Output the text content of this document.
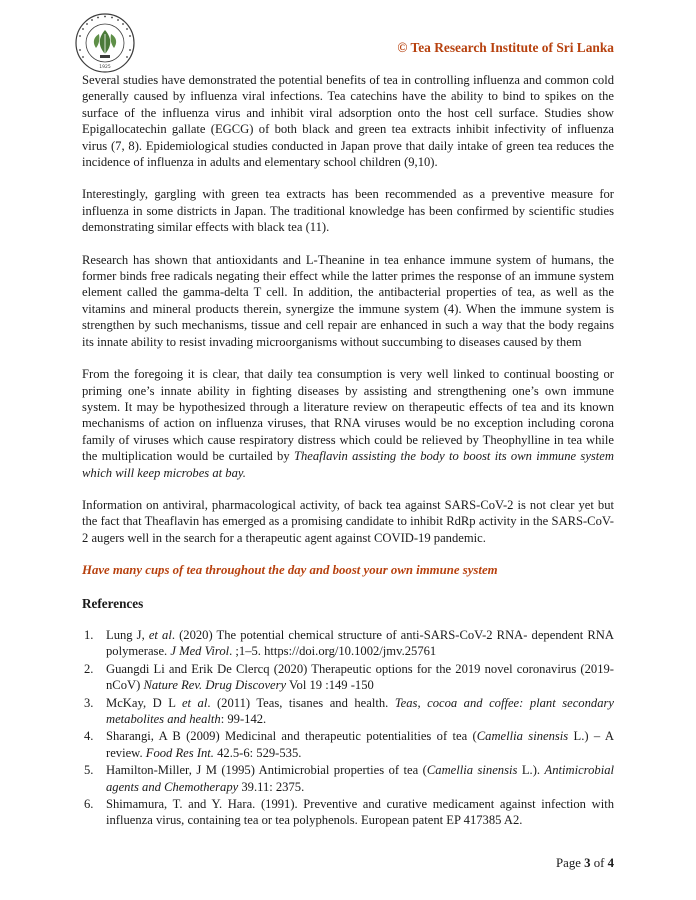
1925
© Tea Research Institute of Sri Lanka

Several studies have demonstrated the potential benefits of tea in controlling influenza and common cold generally caused by influenza viral infections. Tea catechins have the ability to bind to spikes on the surface of the influenza virus and inhibit viral adsorption onto the host cell surface. Studies show Epigallocatechin gallate (EGCG) of both black and green tea extracts inhibit infectivity of influenza virus (7, 8). Epidemiological studies conducted in Japan prove that daily intake of green tea reduces the incidence of influenza in adults and elementary school children (9,10).

Interestingly, gargling with green tea extracts has been recommended as a preventive measure for influenza in some districts in Japan. The traditional knowledge has been confirmed by scientific studies demonstrating similar effects with black tea (11).

Research has shown that antioxidants and L-Theanine in tea enhance immune system of humans, the former binds free radicals negating their effect while the latter primes the response of an immune system element called the gamma-delta T cell. In addition, the antibacterial properties of tea, as well as the vitamins and mineral products therein, synergize the immune system (4). When the immune system is strengthen by such mechanisms, tissue and cell repair are enhanced in such a way that the body regains its innate ability to resist invading microorganisms without succumbing to diseases caused by them

From the foregoing it is clear, that daily tea consumption is very well linked to continual boosting or priming one’s innate ability in fighting diseases by assisting and strengthening one’s own immune system. It may be hypothesized through a literature review on therapeutic effects of tea and its known mechanisms of action on influenza viruses, that RNA viruses would be no exception including corona family of viruses which cause respiratory distress which could be relieved by Theophylline in tea while the multiplication would be curtailed by Theaflavin assisting the body to boost its own immune system which will keep microbes at bay.

Information on antiviral, pharmacological activity, of back tea against SARS-CoV-2 is not clear yet but the fact that Theaflavin has emerged as a promising candidate to inhibit RdRp activity in the SARS-CoV-2 augers well in the search for a therapeutic agent against COVID-19 pandemic.

Have many cups of tea throughout the day and boost your own immune system
References
1. Lung J, et al. (2020) The potential chemical structure of anti-SARS-CoV-2 RNA- dependent RNA polymerase. J Med Virol. ;1–5. https://doi.org/10.1002/jmv.25761
2. Guangdi Li and Erik De Clercq (2020) Therapeutic options for the 2019 novel coronavirus (2019-nCoV) Nature Rev. Drug Discovery Vol 19 :149 -150
3. McKay, D L et al. (2011) Teas, tisanes and health. Teas, cocoa and coffee: plant secondary metabolites and health: 99-142.
4. Sharangi, A B (2009) Medicinal and therapeutic potentialities of tea (Camellia sinensis L.) – A review. Food Res Int. 42.5-6: 529-535.
5. Hamilton-Miller, J M (1995) Antimicrobial properties of tea (Camellia sinensis L.). Antimicrobial agents and Chemotherapy 39.11: 2375.
6. Shimamura, T. and Y. Hara. (1991). Preventive and curative medicament against infection with influenza virus, containing tea or tea polyphenols. European patent EP 417385 A2.
Page 3 of 4
